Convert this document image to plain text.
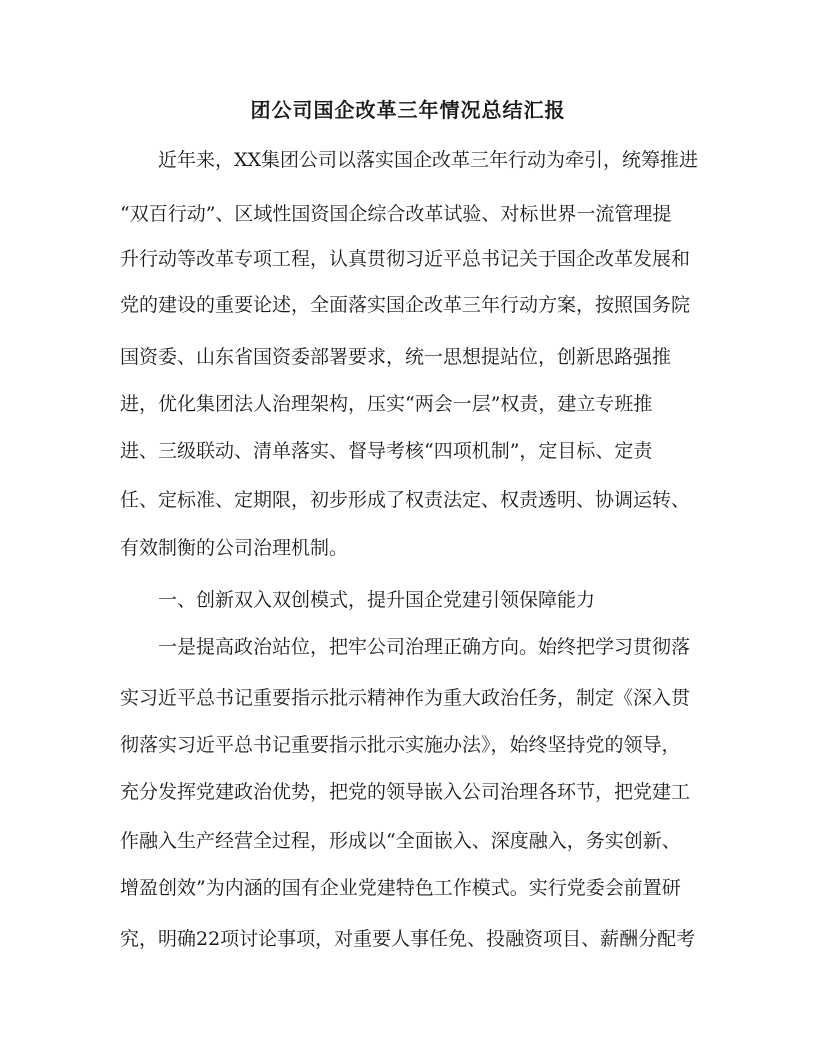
团公司国企改革三年情况总结汇报
近年来，XX集团公司以落实国企改革三年行动为牵引，统筹推进
“双百行动”、区域性国资国企综合改革试验、对标世界一流管理提
升行动等改革专项工程，认真贯彻习近平总书记关于国企改革发展和
党的建设的重要论述，全面落实国企改革三年行动方案，按照国务院
国资委、山东省国资委部署要求，统一思想提站位，创新思路强推
进，优化集团法人治理架构，压实“两会一层”权责，建立专班推
进、三级联动、清单落实、督导考核“四项机制”，定目标、定责
任、定标准、定期限，初步形成了权责法定、权责透明、协调运转、
有效制衡的公司治理机制。
一、创新双入双创模式，提升国企党建引领保障能力
一是提高政治站位，把牢公司治理正确方向。始终把学习贯彻落
实习近平总书记重要指示批示精神作为重大政治任务，制定《深入贯
彻落实习近平总书记重要指示批示实施办法》，始终坚持党的领导，
充分发挥党建政治优势，把党的领导嵌入公司治理各环节，把党建工
作融入生产经营全过程，形成以“全面嵌入、深度融入，务实创新、
增盈创效”为内涵的国有企业党建特色工作模式。实行党委会前置研
究，明确22项讨论事项，对重要人事任免、投融资项目、薪酬分配考
